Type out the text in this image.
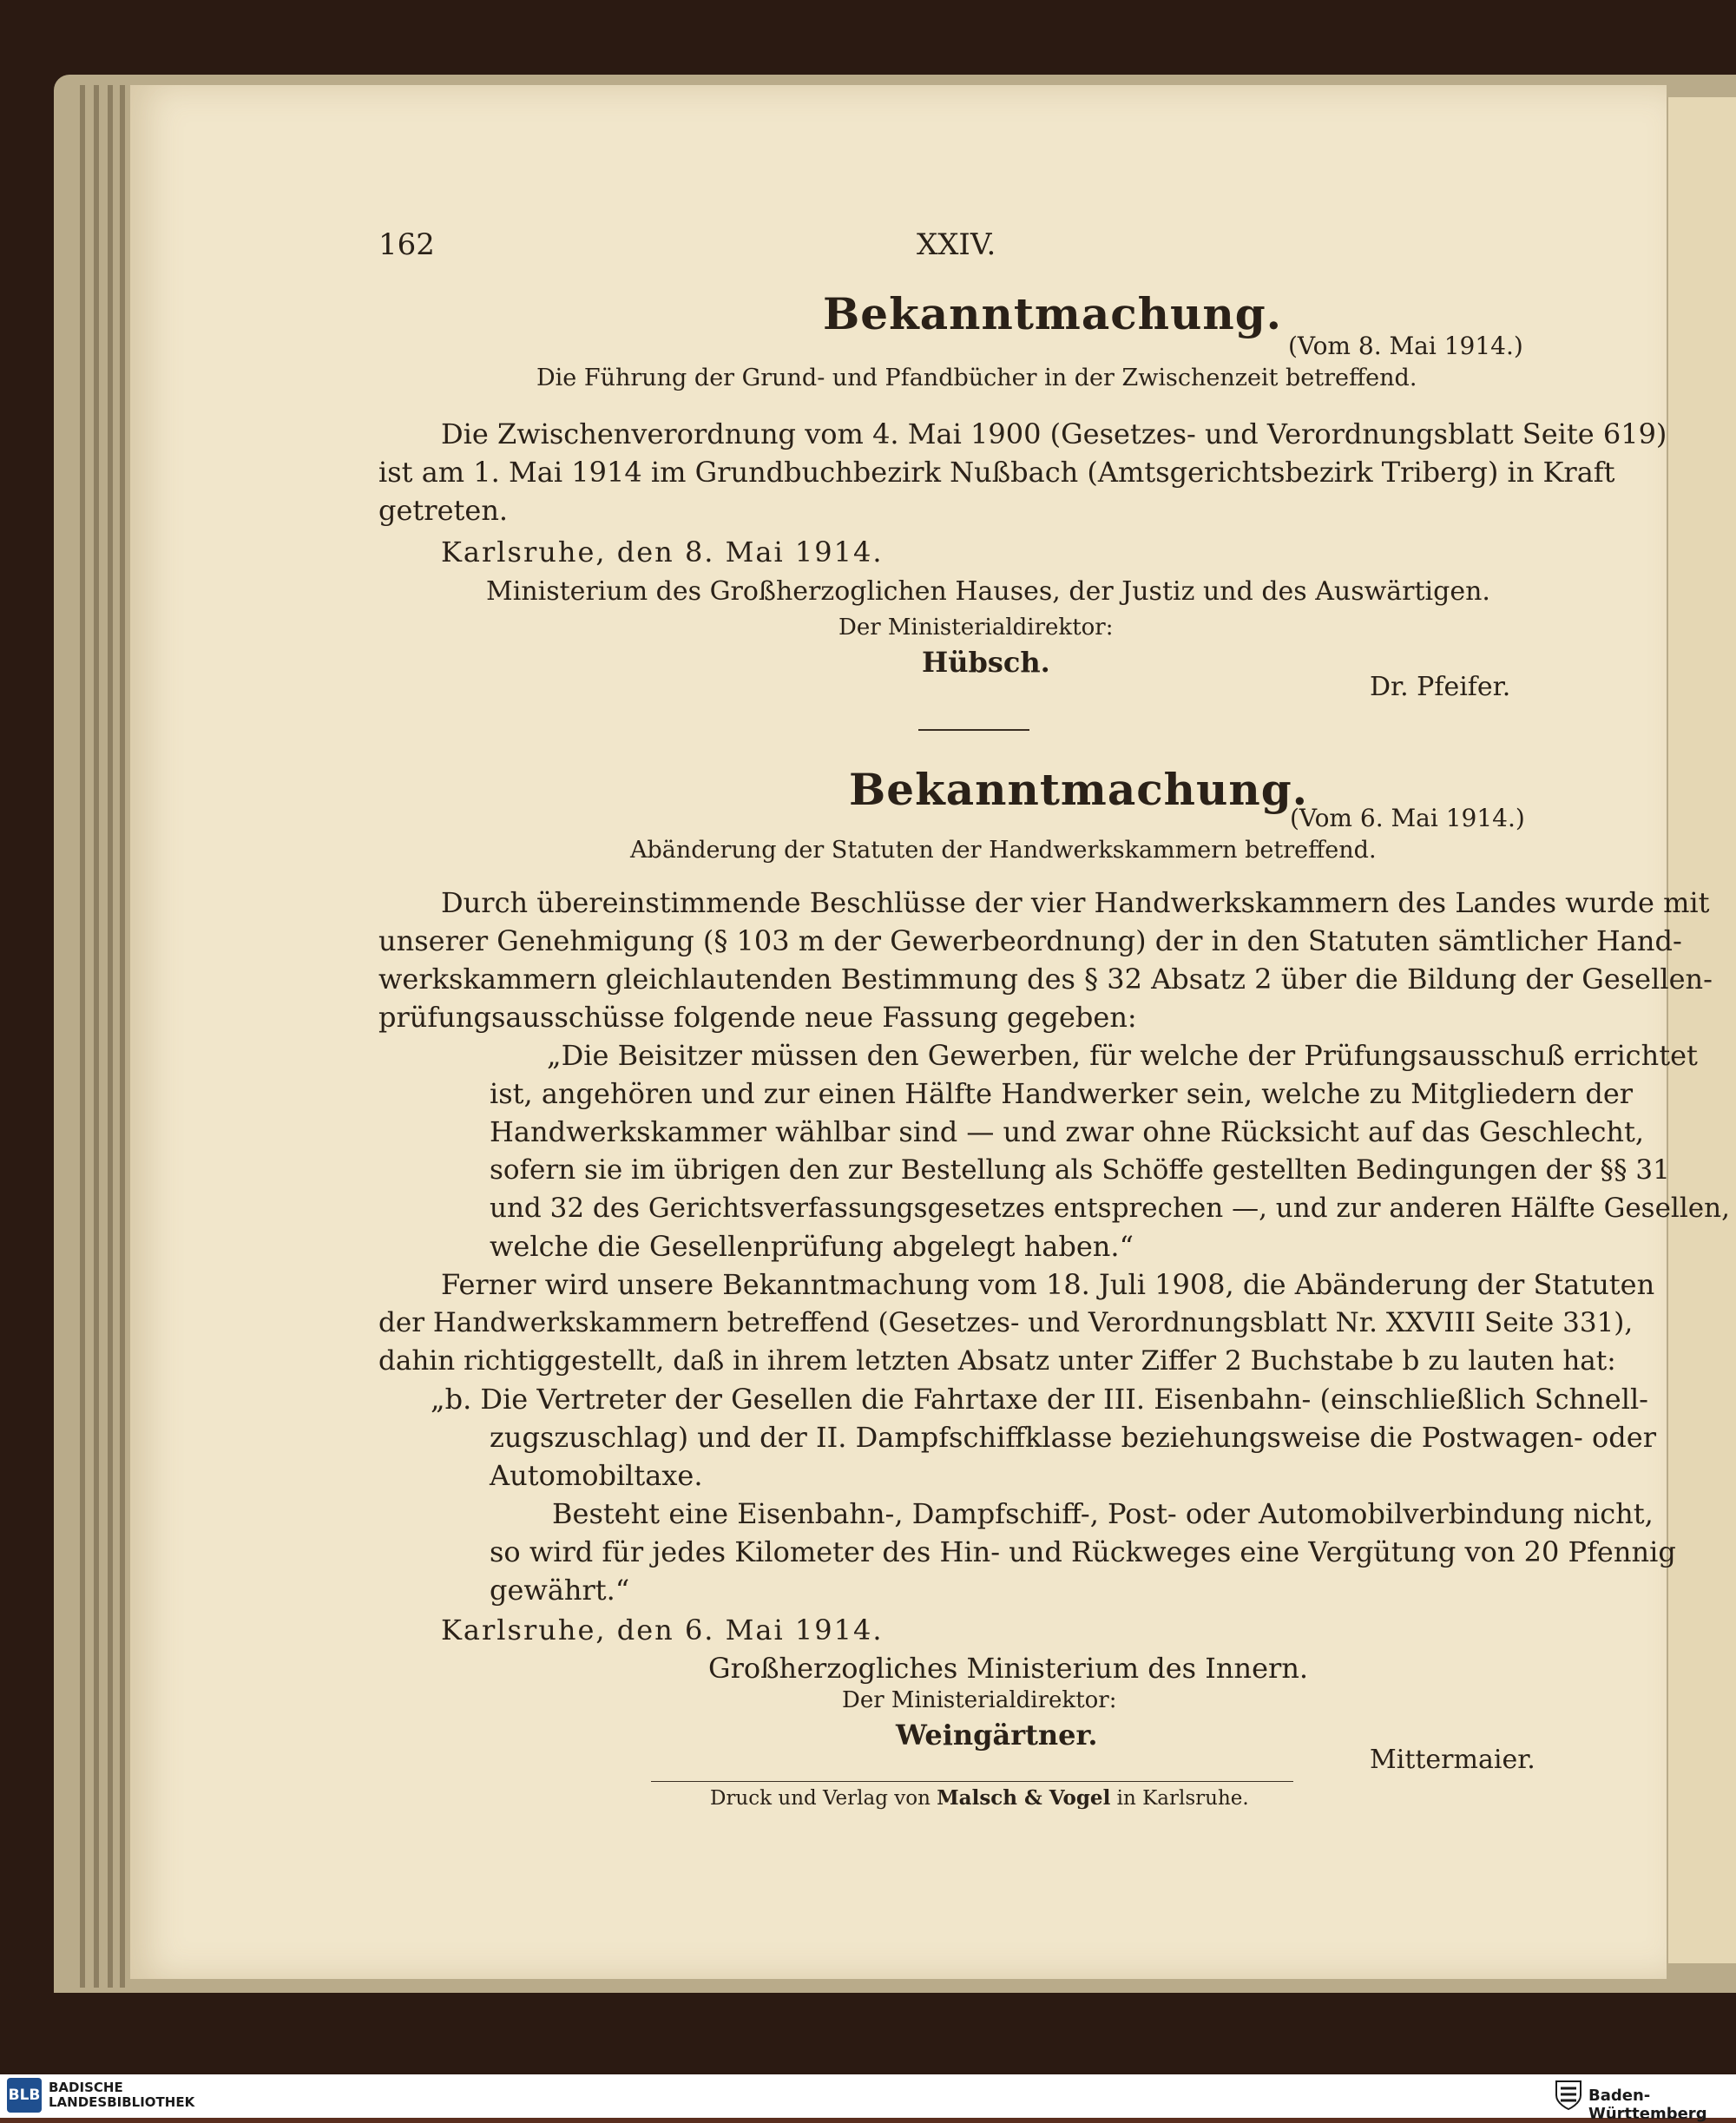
162	XXIV.
Bekanntmachung.
(Vom 8. Mai 1914.)
Die Führung der Grund- und Pfandbücher in der Zwischenzeit betreffend.
Die Zwischenverordnung vom 4. Mai 1900 (Gesetzes- und Verordnungsblatt Seite 619)
ist am 1. Mai 1914 im Grundbuchbezirk Nußbach (Amtsgerichtsbezirk Triberg) in Kraft
getreten.
Karlsruhe, den 8. Mai 1914.
Ministerium des Großherzoglichen Hauses, der Justiz und des Auswärtigen.
Der Ministerialdirektor:
Hübsch.
Dr. Pfeifer.
Bekanntmachung.
(Vom 6. Mai 1914.)
Abänderung der Statuten der Handwerkskammern betreffend.
Durch übereinstimmende Beschlüsse der vier Handwerkskammern des Landes wurde mit
unserer Genehmigung (§ 103 m der Gewerbeordnung) der in den Statuten sämtlicher Hand-
werkskammern gleichlautenden Bestimmung des § 32 Absatz 2 über die Bildung der Gesellen-
prüfungsausschüsse folgende neue Fassung gegeben:
„Die Beisitzer müssen den Gewerben, für welche der Prüfungsausschuß errichtet
ist, angehören und zur einen Hälfte Handwerker sein, welche zu Mitgliedern der
Handwerkskammer wählbar sind — und zwar ohne Rücksicht auf das Geschlecht,
sofern sie im übrigen den zur Bestellung als Schöffe gestellten Bedingungen der §§ 31
und 32 des Gerichtsverfassungsgesetzes entsprechen —, und zur anderen Hälfte Gesellen,
welche die Gesellenprüfung abgelegt haben.“
Ferner wird unsere Bekanntmachung vom 18. Juli 1908, die Abänderung der Statuten
der Handwerkskammern betreffend (Gesetzes- und Verordnungsblatt Nr. XXVIII Seite 331),
dahin richtiggestellt, daß in ihrem letzten Absatz unter Ziffer 2 Buchstabe b zu lauten hat:
„b. Die Vertreter der Gesellen die Fahrtaxe der III. Eisenbahn- (einschließlich Schnell-
zugszuschlag) und der II. Dampfschiffklasse beziehungsweise die Postwagen- oder
Automobiltaxe.
Besteht eine Eisenbahn-, Dampfschiff-, Post- oder Automobilverbindung nicht,
so wird für jedes Kilometer des Hin- und Rückweges eine Vergütung von 20 Pfennig
gewährt.“
Karlsruhe, den 6. Mai 1914.
Großherzogliches Ministerium des Innern.
Der Ministerialdirektor:
Weingärtner.
Mittermaier.
Druck und Verlag von Malsch & Vogel in Karlsruhe.
BLB BADISCHE
LANDESBIBLIOTHEK	Baden-Württemberg
